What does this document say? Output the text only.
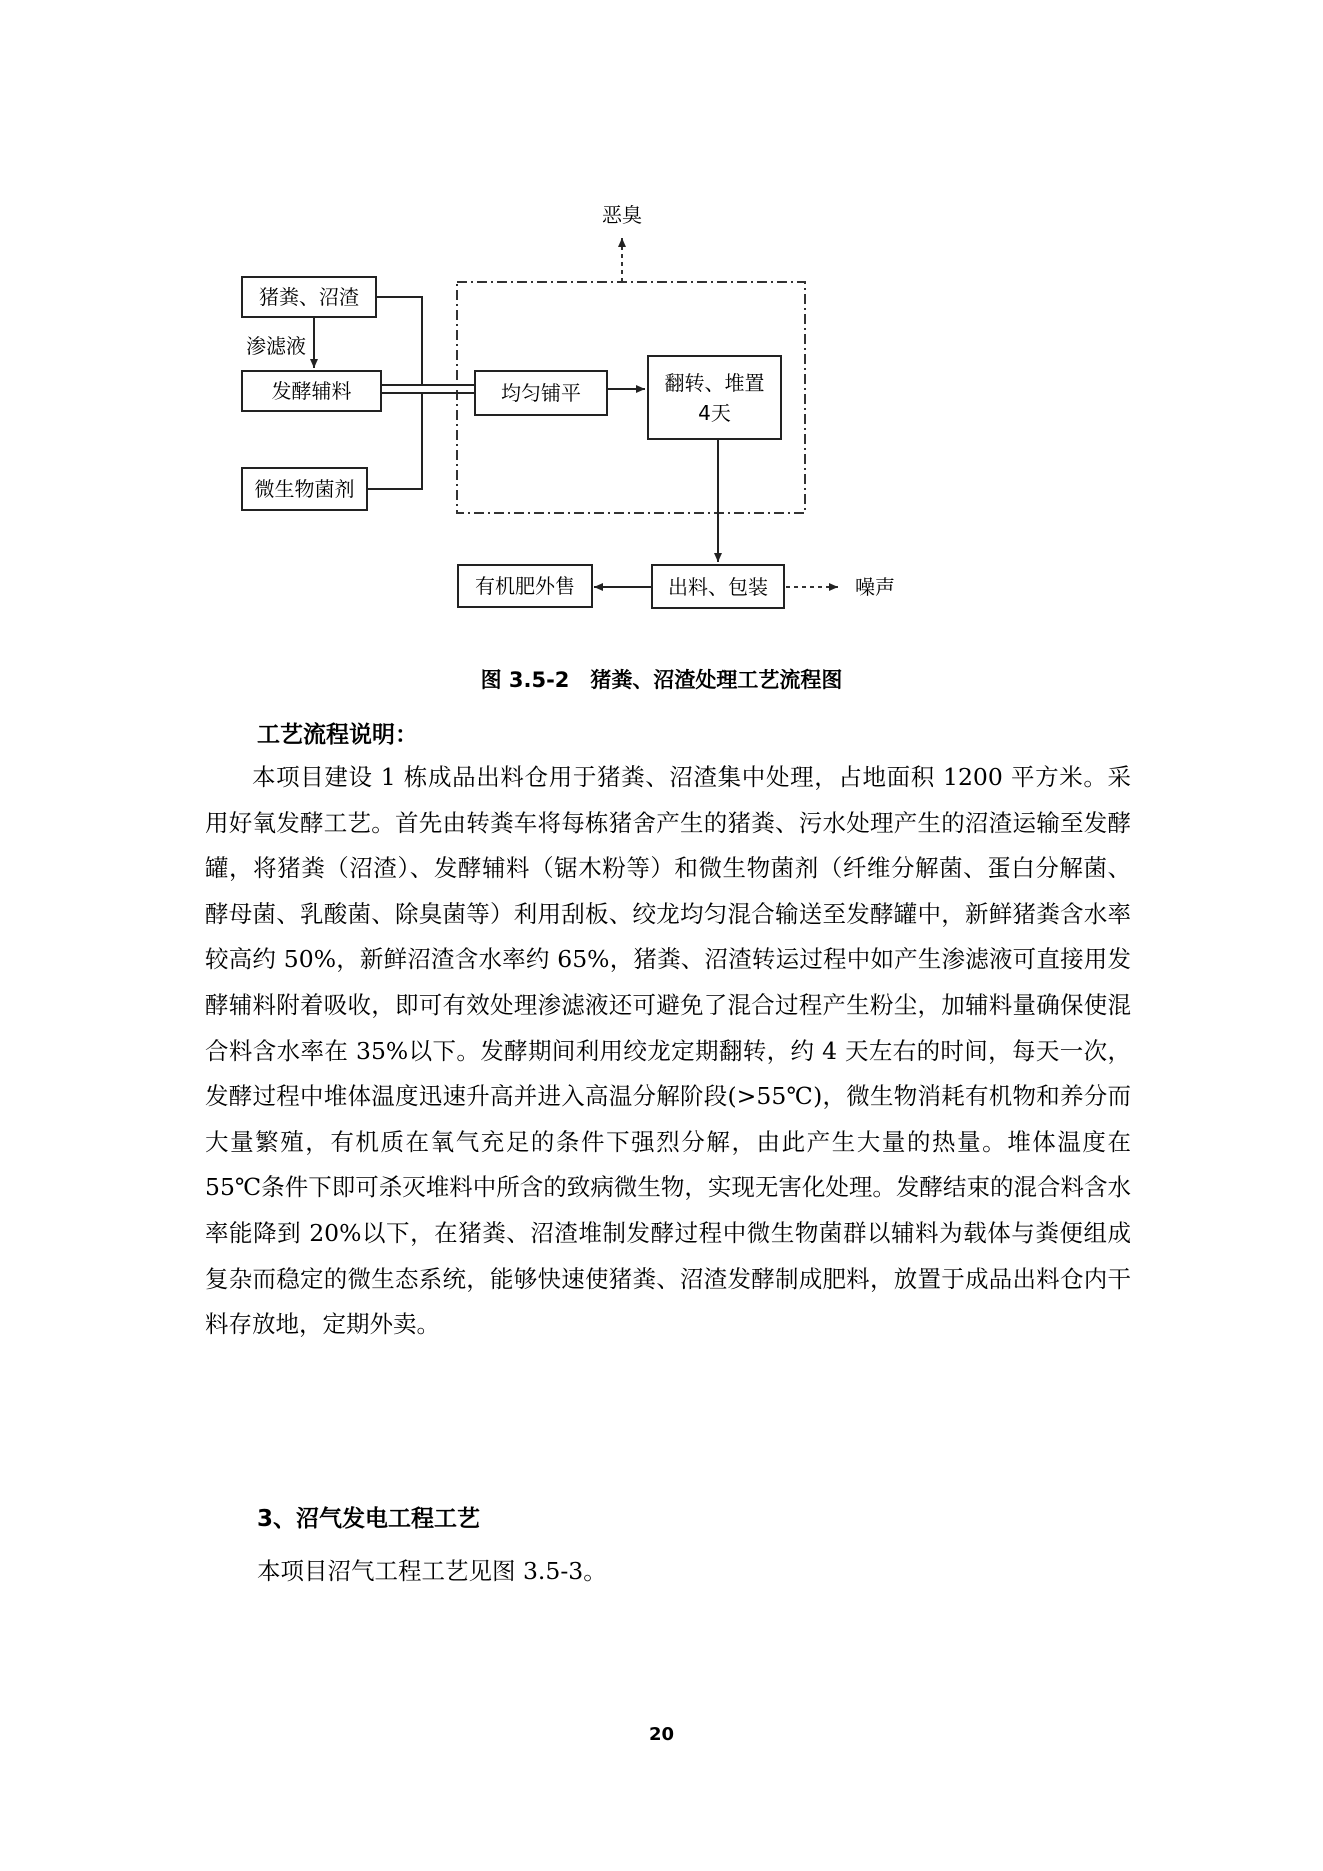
猪粪、沼渣
渗滤液
发酵辅料
微生物菌剂
均匀铺平	翻转、堆置
4天
恶臭
有机肥外售	出料、包装	噪声
图 3.5-2　猪粪、沼渣处理工艺流程图
工艺流程说明：

本项目建设 1 栋成品出料仓用于猪粪、沼渣集中处理，占地面积 1200 平方米。采用好氧发酵工艺。首先由转粪车将每栋猪舍产生的猪粪、污水处理产生的沼渣运输至发酵罐，将猪粪（沼渣）、发酵辅料（锯木粉等）和微生物菌剂（纤维分解菌、蛋白分解菌、酵母菌、乳酸菌、除臭菌等）利用刮板、绞龙均匀混合输送至发酵罐中，新鲜猪粪含水率较高约 50%，新鲜沼渣含水率约 65%，猪粪、沼渣转运过程中如产生渗滤液可直接用发酵辅料附着吸收，即可有效处理渗滤液还可避免了混合过程产生粉尘，加辅料量确保使混合料含水率在 35%以下。发酵期间利用绞龙定期翻转，约 4 天左右的时间，每天一次，发酵过程中堆体温度迅速升高并进入高温分解阶段(>55℃)，微生物消耗有机物和养分而大量繁殖，有机质在氧气充足的条件下强烈分解，由此产生大量的热量。堆体温度在 55℃条件下即可杀灭堆料中所含的致病微生物，实现无害化处理。发酵结束的混合料含水率能降到 20%以下，在猪粪、沼渣堆制发酵过程中微生物菌群以辅料为载体与粪便组成复杂而稳定的微生态系统，能够快速使猪粪、沼渣发酵制成肥料，放置于成品出料仓内干料存放地，定期外卖。

3、沼气发电工程工艺
本项目沼气工程工艺见图 3.5-3。
20
